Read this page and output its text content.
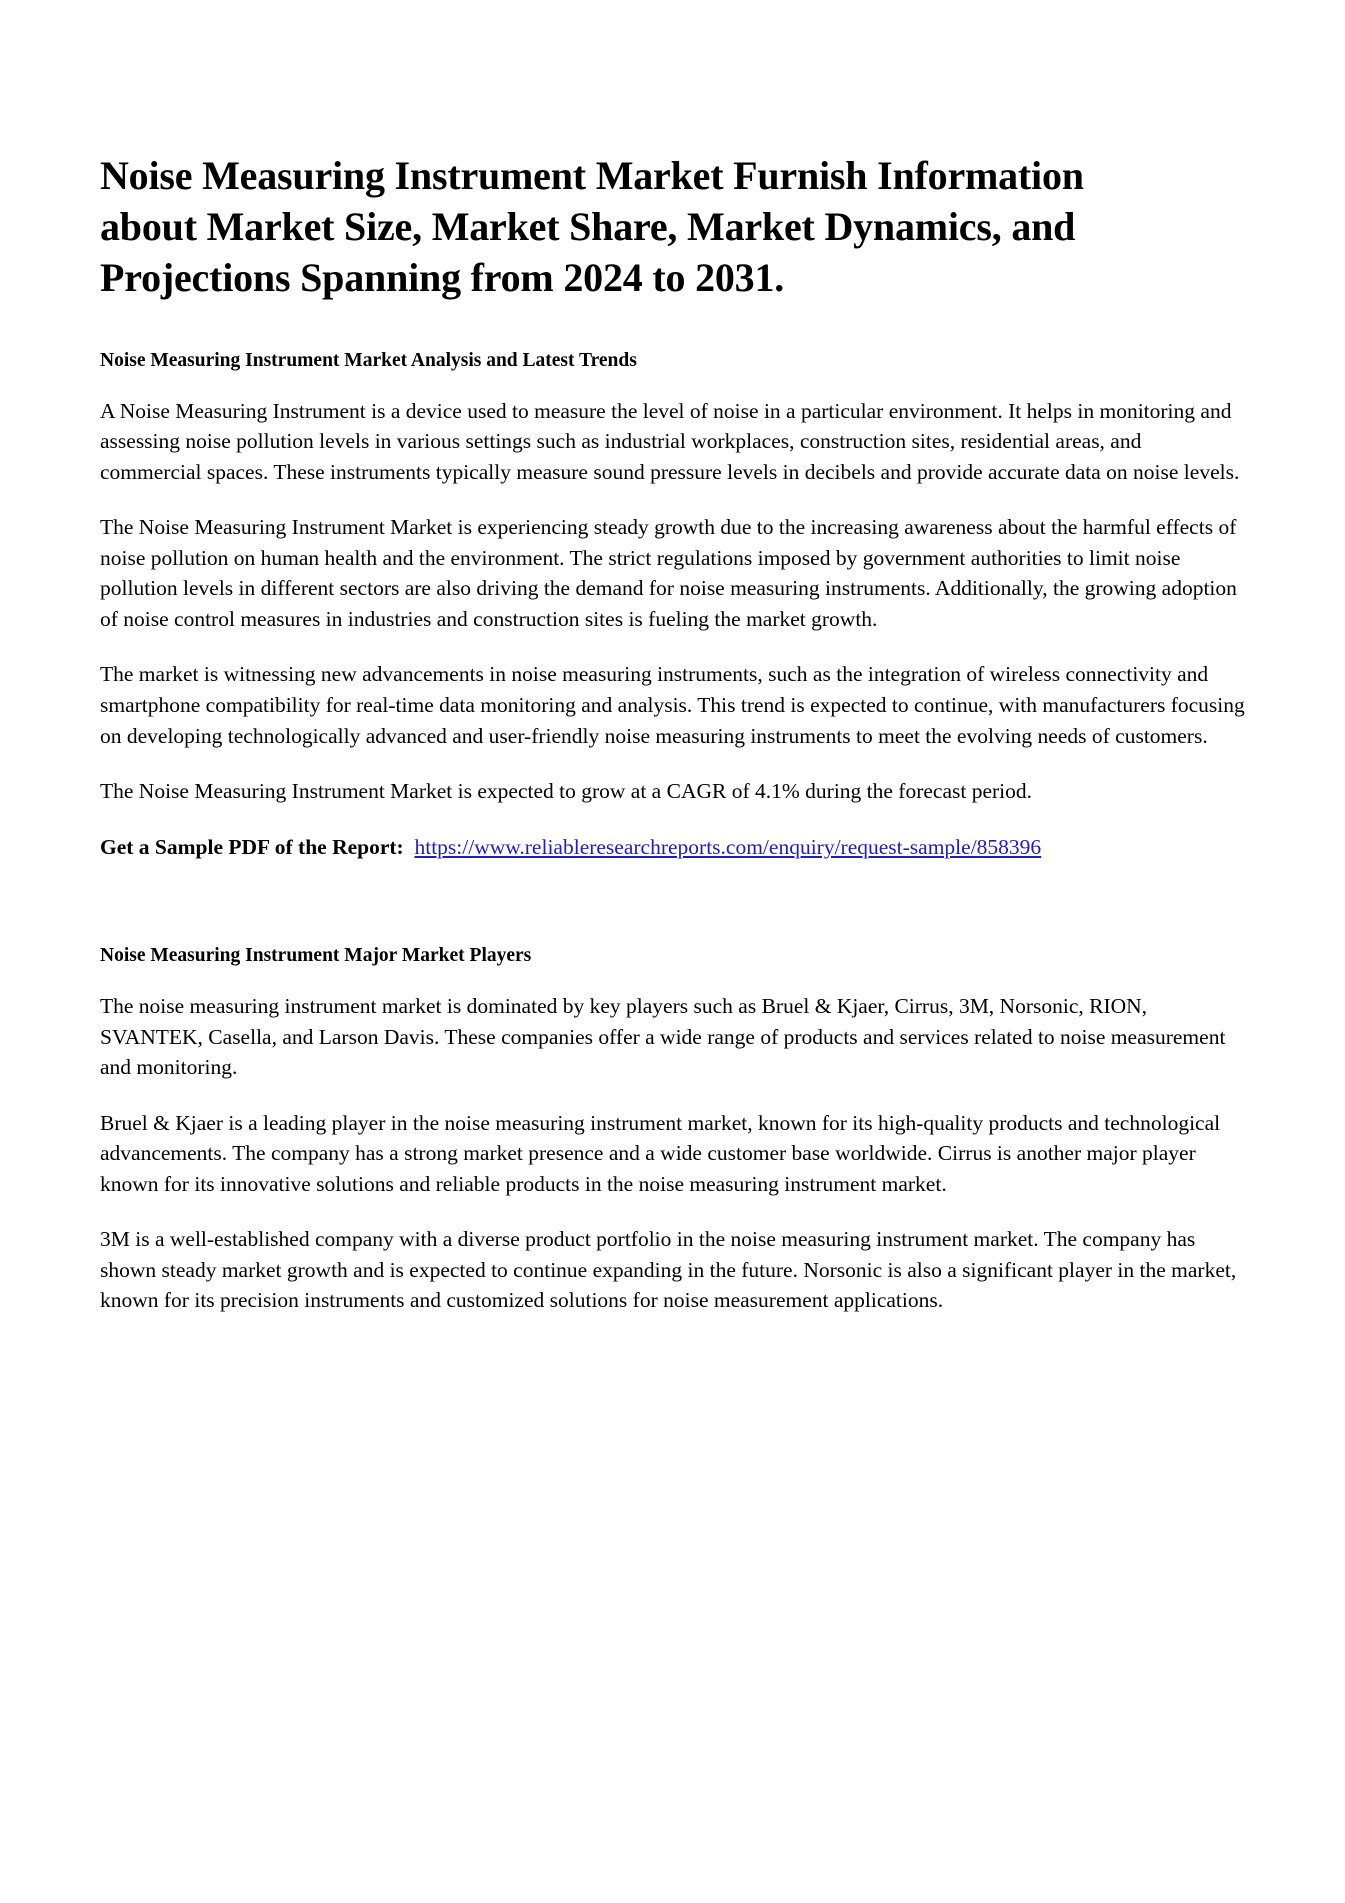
Noise Measuring Instrument Market Furnish Information about Market Size, Market Share, Market Dynamics, and Projections Spanning from 2024 to 2031.
Noise Measuring Instrument Market Analysis and Latest Trends

A Noise Measuring Instrument is a device used to measure the level of noise in a particular environment. It helps in monitoring and assessing noise pollution levels in various settings such as industrial workplaces, construction sites, residential areas, and commercial spaces. These instruments typically measure sound pressure levels in decibels and provide accurate data on noise levels.

The Noise Measuring Instrument Market is experiencing steady growth due to the increasing awareness about the harmful effects of noise pollution on human health and the environment. The strict regulations imposed by government authorities to limit noise pollution levels in different sectors are also driving the demand for noise measuring instruments. Additionally, the growing adoption of noise control measures in industries and construction sites is fueling the market growth.

The market is witnessing new advancements in noise measuring instruments, such as the integration of wireless connectivity and smartphone compatibility for real-time data monitoring and analysis. This trend is expected to continue, with manufacturers focusing on developing technologically advanced and user-friendly noise measuring instruments to meet the evolving needs of customers.

The Noise Measuring Instrument Market is expected to grow at a CAGR of 4.1% during the forecast period.

Get a Sample PDF of the Report: https://www.reliableresearchreports.com/enquiry/request-sample/858396
Noise Measuring Instrument Major Market Players

The noise measuring instrument market is dominated by key players such as Bruel & Kjaer, Cirrus, 3M, Norsonic, RION, SVANTEK, Casella, and Larson Davis. These companies offer a wide range of products and services related to noise measurement and monitoring.

Bruel & Kjaer is a leading player in the noise measuring instrument market, known for its high-quality products and technological advancements. The company has a strong market presence and a wide customer base worldwide. Cirrus is another major player known for its innovative solutions and reliable products in the noise measuring instrument market.

3M is a well-established company with a diverse product portfolio in the noise measuring instrument market. The company has shown steady market growth and is expected to continue expanding in the future. Norsonic is also a significant player in the market, known for its precision instruments and customized solutions for noise measurement applications.
